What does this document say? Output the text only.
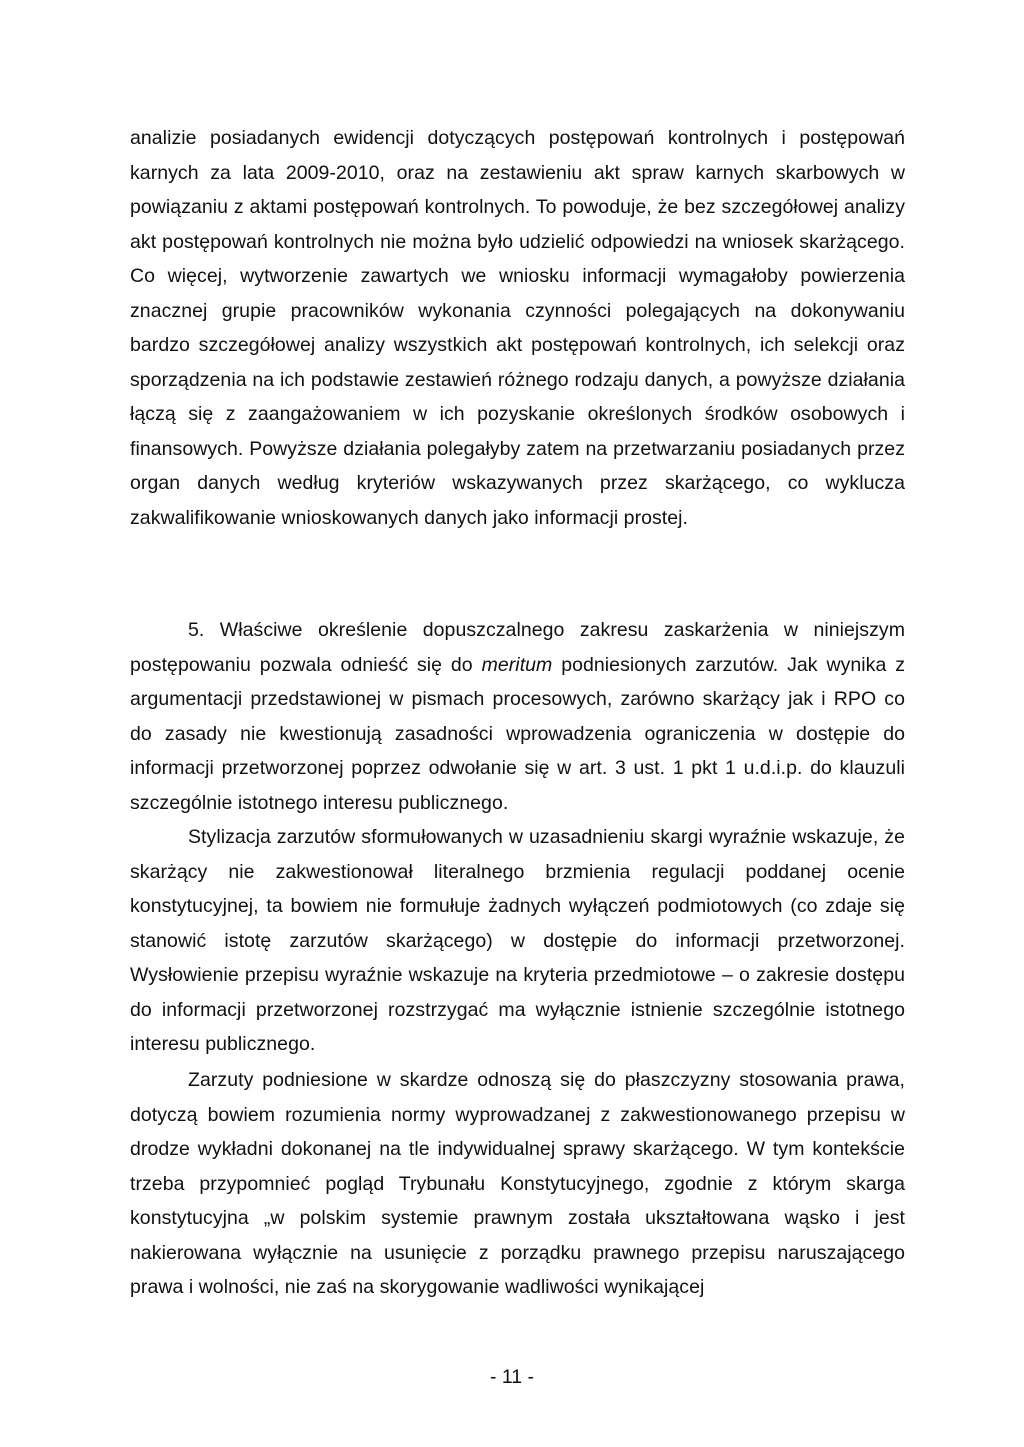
analizie posiadanych ewidencji dotyczących postępowań kontrolnych i postępowań karnych za lata 2009-2010, oraz na zestawieniu akt spraw karnych skarbowych w powiązaniu z aktami postępowań kontrolnych. To powoduje, że bez szczegółowej analizy akt postępowań kontrolnych nie można było udzielić odpowiedzi na wniosek skarżącego. Co więcej, wytworzenie zawartych we wniosku informacji wymagałoby powierzenia znacznej grupie pracowników wykonania czynności polegających na dokonywaniu bardzo szczegółowej analizy wszystkich akt postępowań kontrolnych, ich selekcji oraz sporządzenia na ich podstawie zestawień różnego rodzaju danych, a powyższe działania łączą się z zaangażowaniem w ich pozyskanie określonych środków osobowych i finansowych. Powyższe działania polegałyby zatem na przetwarzaniu posiadanych przez organ danych według kryteriów wskazywanych przez skarżącego, co wyklucza zakwalifikowanie wnioskowanych danych jako informacji prostej.

5. Właściwe określenie dopuszczalnego zakresu zaskarżenia w niniejszym postępowaniu pozwala odnieść się do meritum podniesionych zarzutów. Jak wynika z argumentacji przedstawionej w pismach procesowych, zarówno skarżący jak i RPO co do zasady nie kwestionują zasadności wprowadzenia ograniczenia w dostępie do informacji przetworzonej poprzez odwołanie się w art. 3 ust. 1 pkt 1 u.d.i.p. do klauzuli szczególnie istotnego interesu publicznego.

Stylizacja zarzutów sformułowanych w uzasadnieniu skargi wyraźnie wskazuje, że skarżący nie zakwestionował literalnego brzmienia regulacji poddanej ocenie konstytucyjnej, ta bowiem nie formułuje żadnych wyłączeń podmiotowych (co zdaje się stanowić istotę zarzutów skarżącego) w dostępie do informacji przetworzonej. Wysłowienie przepisu wyraźnie wskazuje na kryteria przedmiotowe – o zakresie dostępu do informacji przetworzonej rozstrzygać ma wyłącznie istnienie szczególnie istotnego interesu publicznego.

Zarzuty podniesione w skardze odnoszą się do płaszczyzny stosowania prawa, dotyczą bowiem rozumienia normy wyprowadzanej z zakwestionowanego przepisu w drodze wykładni dokonanej na tle indywidualnej sprawy skarżącego. W tym kontekście trzeba przypomnieć pogląd Trybunału Konstytucyjnego, zgodnie z którym skarga konstytucyjna „w polskim systemie prawnym została ukształtowana wąsko i jest nakierowana wyłącznie na usunięcie z porządku prawnego przepisu naruszającego prawa i wolności, nie zaś na skorygowanie wadliwości wynikającej

- 11 -
